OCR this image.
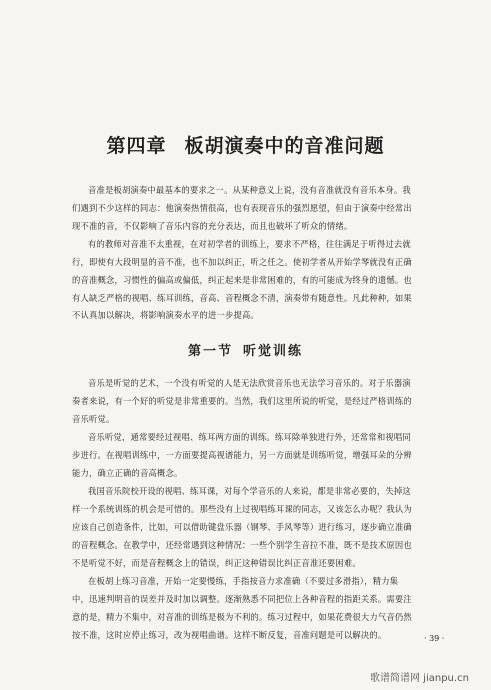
第四章 板胡演奏中的音准问题
音准是板胡演奏中最基本的要求之一。从某种意义上说，没有音准就没有音乐本身。我
们遇到不少这样的同志：他演奏热情很高，也有表现音乐的强烈愿望，但由于演奏中经常出
现不准的音，不仅影响了音乐内容的充分表达，而且也破坏了听众的情绪。
有的教师对音准不太重视，在对初学者的训练上，要求不严格，往往满足于听得过去就
行，即使有大段明显的音不准，也不加以纠正，听之任之。使初学者从开始学琴就没有正确
的音准概念，习惯性的偏高或偏低，纠正起来是非常困难的，有的可能成为终身的遗憾。也
有人缺乏严格的视唱、练耳训练，音高、音程概念不清，演奏带有随意性。凡此种种，如果
不认真加以解决，将影响演奏水平的进一步提高。
第一节 听觉训练
音乐是听觉的艺术，一个没有听觉的人是无法欣赏音乐也无法学习音乐的。对于乐器演
奏者来说，有一个好的听觉是非常重要的。当然，我们这里所说的听觉，是经过严格训练的
音乐听觉。
音乐听觉，通常要经过视唱、练耳两方面的训练。练耳除单独进行外，还常常和视唱同
步进行。在视唱训练中，一方面要提高视谱能力，另一方面就是训练听觉，增强耳朵的分辨
能力，确立正确的音高概念。
我国音乐院校开设的视唱、练耳课，对每个学音乐的人来说，都是非常必要的，失掉这
样一个系统训练的机会是可惜的。那些没有上过视唱练耳课的同志，又该怎么办呢？我认为
应该自己创造条件，比如，可以借助键盘乐器（钢琴、手风琴等）进行练习，逐步确立准确
的音程概念。在教学中，还经常遇到这种情况：一些个别学生音拉不准，既不是技术原因也
不是听觉不好，而是音程概念上的错误，纠正这种错误比纠正音准还要困难。
在板胡上练习音准，开始一定要慢练，手指按音力求准确（不要过多滑指），精力集
中，迅速判明音的误差并及时加以调整。逐渐熟悉不同把位上各种音程的指距关系。需要注
意的是，精力不集中，对音准的训练是极为不利的。练习过程中，如果花费很大力气音仍然
按不准，这时应停止练习，改为视唱曲谱。这样不断反复，音准问题是可以解决的。	· 39 ·
歌谱简谱网 jianpu.cn
